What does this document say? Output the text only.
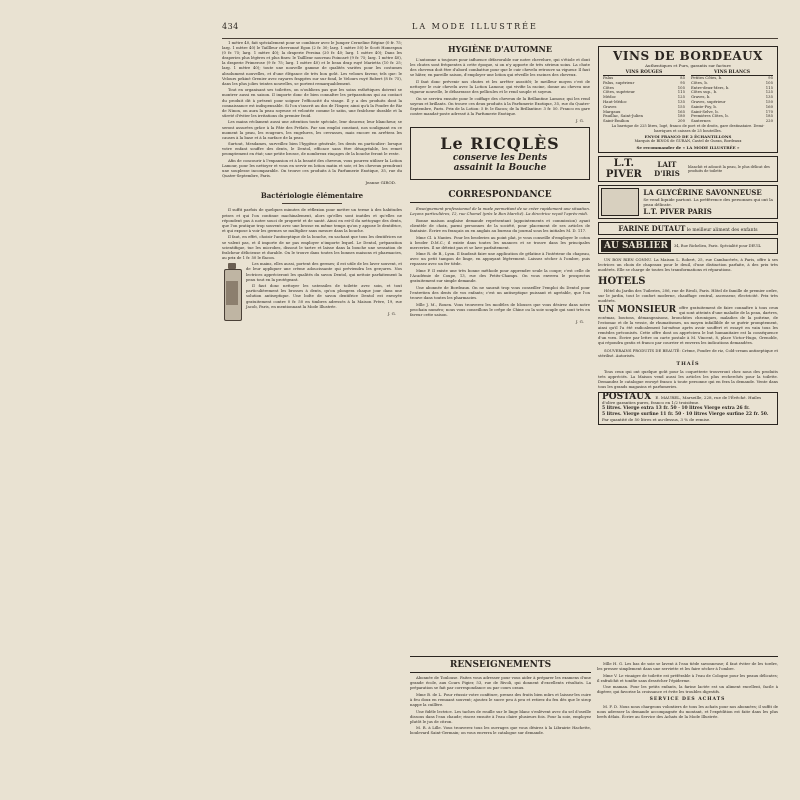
434	LA MODE ILLUSTRÉE

1 mètre 40, fait spécialement pour se combiner avec le Jumper Cerneline Régine (0 fr. 75; larg. 1 mètre 40) le Taillleur chevronné Egon (2 fr. 30; larg. 1 mètre 50) le Scott Homespun (0 fr. 75; larg. 1 mètre 40); la draperie Persina (20 fr. 40; larg. 1 mètre 40); Dans les draperies plus légères et plus fines: le Taillleur nouveau Poincaré (9 fr. 75; larg. 1 mètre 40), la draperie Primerose (9 fr. 75; larg. 1 mètre 40) et le beau drap ruyé Marietta (10 fr. 25; larg. 1 mètre 40); toute une nouvelle gamme de qualités variées pour les costumes absolument nouvelles, et d'une élégance de très bon goût. Les velours faveur, tels que: le Velours pekiné Grenier avec rayures frappées sur sur fond, le Velours ruyé Robert (8 fr. 75), dans les plus jolies teintes nouvelles, se portent remarquablement.

Tout en organisant ses toilettes, on n'oubliera pas que les soins esthétiques doivent se montrer aussi en saison. Il importe donc de bien connaître les préparations qui au contact du produit dit à présent pour soigner l'efficacité du visage. Il y a des produits dont la connaissance est indispensable. Si l'on s'inscrit au dos de l'Imper, ainsi qu'à la Poudre de Riz de Ninon, on aura la peau soyeuse et veloutée comme le satin, une fraîcheur durable et la sûreté d'éviter les irritations du premier froid.

Les mains réclament aussi une attention toute spéciale, leur douceur, leur blancheur, se seront assurées grâce à la Pâte des Prélats. Par son emploi constant, nos soulignant en ce moment la peau, les rougeurs, les engelures, les crevasses, mais encore en arrêtera les causes à la base et à la surface de la peau.

Surtout, Mesdames, surveillez bien l'hygiène générale, les dents en particulier: lorsque votre enfant souffre des dents, le Dentol, efficace sans être désagréable, les remet promptement en état; une petite brosse, de nombreux rinçages de la bouche feront le reste.

Afin de concourir à l'expansion et à la beauté des cheveux, vous pourrez utiliser la Lotion Lamour, pour les nettoyer et vous en servir en lotion matin et soir, et les cheveux prendront une souplesse incomparable. On trouve ces produits à la Parfumerie Exotique, 35, rue du Quatre-Septembre, Paris.

Jeanne GIROD.
Bactériologie élémentaire

Il suffit parfois de quelques minutes de réflexion pour mettre un terme à des habitudes prises et qui l'on continue machinalement, alors qu'elles sont inutiles et qu'elles ne répondent pas à notre souci de propreté et de santé. Ainsi en est-il du nettoyage des dents, que l'on pratique trop souvent avec une brosse en même temps qu'on y appose le dentifrice, et qui expose à voir les germes se multiplier sans mesure dans la bouche.

Il faut, en effet, choisir l'antiseptique de la bouche, en sachant que tous les dentifrices ne se valent pas, et il importe de ne pas employer n'importe lequel. Le Dentol, préparation scientifique, tue les microbes, dissout le tartre et laisse dans la bouche une sensation de fraîcheur délicieuse et durable. On le trouve dans toutes les bonnes maisons et pharmacies, au prix de 1 fr. 50 le flacon.

Les mains, elles aussi, portent des germes; il est utile de les laver souvent, et de leur appliquer une crème adoucissante qui préviendra les gerçures. Nos lectrices apprécieront les qualités du savon Dentol, qui nettoie parfaitement la peau tout en la protégeant.

Il faut donc nettoyer les ustensiles de toilette avec soin, et tout particulièrement les brosses à dents, qu'on plongera chaque jour dans une solution antiseptique. Une boîte de savon dentifrice Dentol est envoyée gratuitement contre 0 fr. 50 en timbres adressés à la Maison Frère, 19, rue Jacob, Paris, en mentionnant la Mode Illustrée.

J. G.
HYGIÈNE D'AUTOMNE

L'automne a toujours pour influence défavorable sur notre chevelure, qui s'étiole et dont les chutes sont fréquentes à cette époque, si on n'y apporte de très sérieux soins. La chute des cheveux doit être d'abord combattue pour que le cuir chevelu retrouve sa vigueur. Il faut se hâter, en pareille saison, d'employer une lotion qui réveille les racines des cheveux.

Il faut donc prévenir nos chutes et les arrêter aussitôt; le meilleur moyen c'est de nettoyer le cuir chevelu avec la Lotion Lamour, qui vivifie la racine, donne au cheveu une vigueur nouvelle, le débarrasse des pellicules et le rend souple et soyeux.

On se servira ensuite pour le coiffage des cheveux de la Brillantine Lamour, qui les rend soyeux et brillants. On trouve ces deux produits à la Parfumerie Exotique, 35, rue du Quatre-Septembre, Paris. Prix de la Lotion: 5 fr. le flacon; de la Brillantine: 3 fr. 50. Franco en gare contre mandat-poste adressé à la Parfumerie Exotique.

J. G.
Le RICQLÈS
conserve les Dents
assainit la Bouche
CORRESPONDANCE

Enseignement professionnel de la mode permettant de se créer rapidement une situation. Leçons particulières, 12, rue Chomel (près le Bon Marché). La directrice reçoit l'après-midi.

Bonne maison anglaise demande représentant (appointements et commission) ayant clientèle de choix, parmi personnes de la société, pour placement de ses articles de fantaisie. Écrire en français ou en anglais au bureau du journal sous les initiales M. D. 117.

Mme Cl. à Nantes. Pour les broderies au point plat, je vous conseille d'employer le coton à broder D.M.C.; il existe dans toutes les nuances et se trouve dans les principales merceries. Il ne déteint pas et se lave parfaitement.

Mme R. de B., Lyon. Il faudrait faire une application de gélatine à l'intérieur du chapeau, avec un petit tampon de linge, en appuyant légèrement. Laissez sécher à l'ombre, puis repassez avec un fer tiède.

Mme P. Il existe une très bonne méthode pour apprendre seule la coupe; c'est celle de l'Académie de Coupe, 13, rue des Petits-Champs. On vous enverra le prospectus gratuitement sur simple demande.

Une abonnée de Bordeaux. On ne saurait trop vous conseiller l'emploi du Dentol pour l'entretien des dents de vos enfants; c'est un antiseptique puissant et agréable, que l'on trouve dans toutes les pharmacies.

Mlle J. M., Rouen. Vous trouverez les modèles de blouses que vous désirez dans notre prochain numéro; nous vous conseillons le crêpe de Chine ou la soie souple qui sont très en faveur cette saison.

J. G.
VINS DE BORDEAUX
Authentiques et Purs, garantis sur facture
VINS ROUGES
Palus	85
Palus, supérieur	95
Côtes	105
Côtes, supérieur	115
Médoc	125
Haut-Médoc	135
Graves	155
Margaux	165
Pauillac, Saint-Julien	180
Saint-Émilion	200
VINS BLANCS
Petites Côtes, b.	95
Côtes, b.	105
Entre-deux-Mers, b.	115
Côtes sup., b.	125
Graves, b.	135
Graves, supérieur	150
Sainte-Foy, b.	160
Saint-Selve, b.	170
Premières Côtes, b.	185
Sauternes	220
La barrique de 225 litres, logé, franco de port et de droits, gare destinataire. Demi-barriques et caisses de 25 bouteilles.
ENVOI FRANCO DE 2 ÉCHANTILLONS
Marquis de BINOS de GURAN, Castel de Guran, Bordeaux
Se recommander de « LA MODE ILLUSTRÉE »
L.T. PIVER
LAIT D'IRIS
blanchit et adoucit la peau, le plus délicat des produits de toilette
LA GLYCÉRINE SAVONNEUSE
Se vend liquide partout. La préférence des personnes qui ont la peau délicate.
L.T. PIVER PARIS
FARINE DUTAUT le meilleur aliment des enfants
AU SABLIER	34, Rue Richelieu, Paris. Spécialité pour DEUIL

UN BON RIEN CONNU. La Maison L. Robert, 25, rue Cambacérès, à Paris, offre à ses lectrices un choix de chapeaux pour le deuil, d'une distinction parfaite, à des prix très modérés. Elle se charge de toutes les transformations et réparations.

HOTELS

Hôtel du Jardin des Tuileries, 206, rue de Rivoli, Paris. Hôtel de famille de premier ordre, sur le jardin, tout le confort moderne, chauffage central, ascenseur, électricité. Prix très modérés.

UN MONSIEUR offre gratuitement de faire connaître à tous ceux qui sont atteints d'une maladie de la peau, dartres, eczémas, boutons, démangeaisons, bronchites chroniques, maladies de la poitrine, de l'estomac et de la vessie, de rhumatismes, un moyen infaillible de se guérir promptement, ainsi qu'il l'a été radicalement lui-même après avoir souffert et essayé en vain tous les remèdes préconisés. Cette offre dont on appréciera le but humanitaire est la conséquence d'un vœu. Écrire par lettre ou carte postale à M. Vincent, 8, place Victor-Hugo, Grenoble, qui répondra gratis et franco par courrier et enverra les indications demandées.

SOUVERAINS PRODUITS DE BEAUTÉ: Crème, Poudre de riz, Cold-cream antiseptique et stérilisé. Autorisés.

THAÏS

Tous ceux qui ont quelque goût pour la coquetterie trouveront chez nous des produits très appréciés. La Maison vend aussi les articles les plus recherchés pour la toilette. Demandez le catalogue envoyé franco à toute personne qui en fera la demande. Vente dans tous les grands magasins et parfumeries.

POSTAUX E. MAUREL, Marseille, 228, rue de l'Évêché. Huiles d'olive garanties pures, franco en 1/2 troisième.
5 litres. Vierge extra 13 fr. 50 · 10 litres Vierge extra 26 fr.
5 litres. Vierge surfine 11 fr. 50 · 10 litres Vierge surfine 22 fr. 50.
Par quantité de 50 litres et au-dessus, 3 % de remise.
RENSEIGNEMENTS

Abonnée de Toulouse. Faites vous adresser pour vous aider à préparer les examens d'une grande école, aux Cours Pigier, 53, rue de Rivoli, qui donnent d'excellents résultats. La préparation se fait par correspondance ou par cours oraux.

Mme B. de L. Pour réussir votre confiture, prenez des fruits bien mûrs et laissez-les cuire à feu doux en remuant souvent; ajoutez le sucre peu à peu et retirez du feu dès que le sirop nappe la cuillère.

Une fidèle lectrice. Les taches de rouille sur le linge blanc s'enlèvent avec du sel d'oseille dissous dans l'eau chaude; rincez ensuite à l'eau claire plusieurs fois. Pour la soie, employez plutôt le jus de citron.

M. R. à Lille. Vous trouverez tous les ouvrages que vous désirez à la Librairie Hachette, boulevard Saint-Germain; on vous enverra le catalogue sur demande.

Mlle H. G. Les bas de soie se lavent à l'eau tiède savonneuse; il faut éviter de les tordre, les presser simplement dans une serviette et les faire sécher à l'ombre.

Mme V. Le vinaigre de toilette est préférable à l'eau de Cologne pour les peaux délicates; il rafraîchit et tonifie sans dessécher l'épiderme.

Une maman. Pour les petits enfants, la farine lactée est un aliment excellent, facile à digérer, qui favorise la croissance et évite les troubles digestifs.

SERVICE DES ACHATS

M. F. D. Nous nous chargeons volontiers de tous les achats pour nos abonnées; il suffit de nous adresser la demande accompagnée du montant, et l'expédition est faite dans les plus brefs délais. Écrire au Service des Achats de la Mode Illustrée.
